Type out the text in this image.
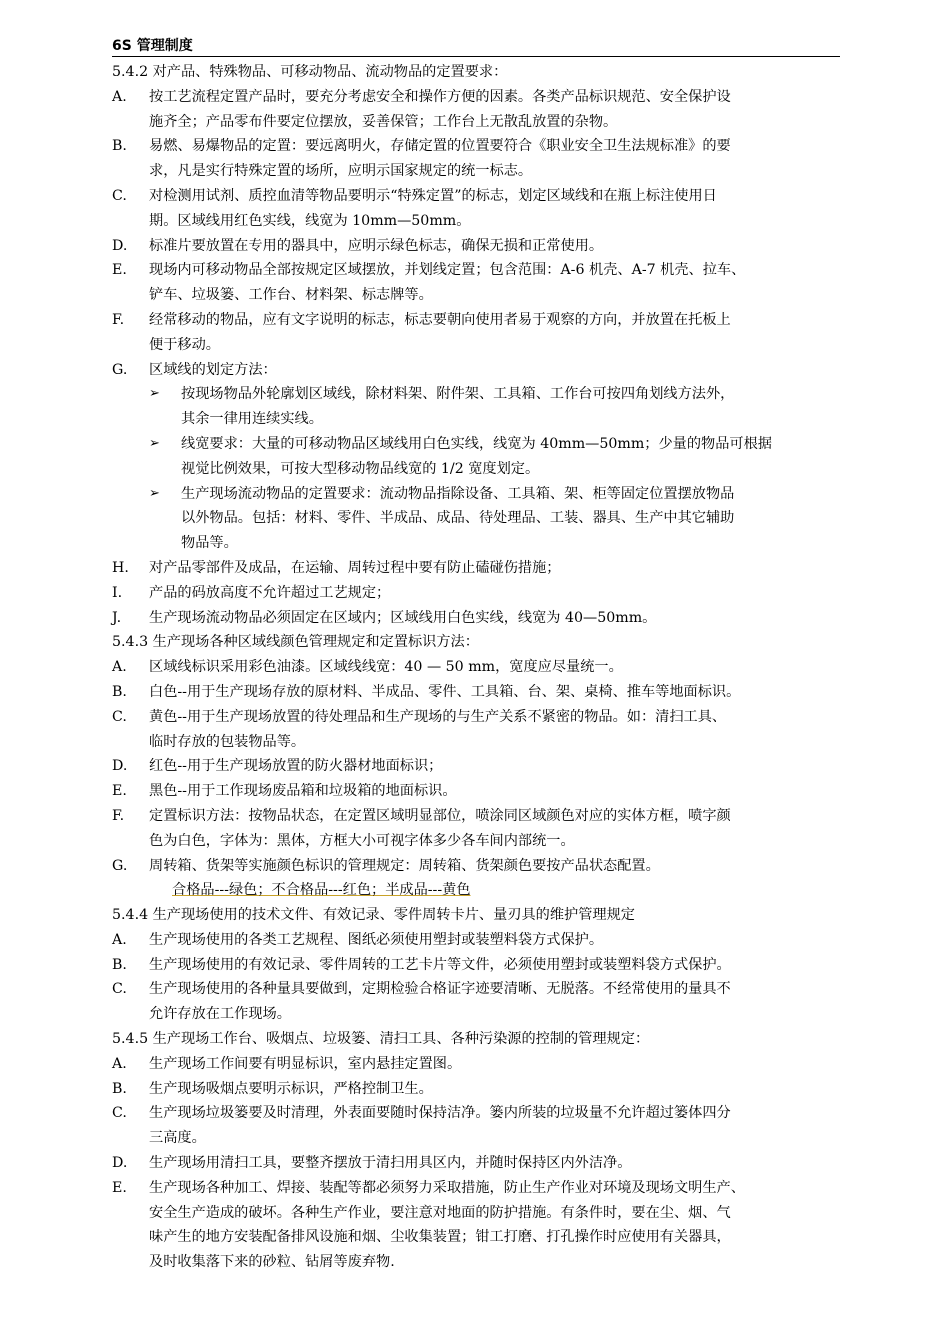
6S 管理制度
5.4.2 对产品、特殊物品、可移动物品、流动物品的定置要求：
A.	按工艺流程定置产品时，要充分考虑安全和操作方便的因素。各类产品标识规范、安全保护设
施齐全；产品零布件要定位摆放，妥善保管；工作台上无散乱放置的杂物。
B.	易燃、易爆物品的定置：要远离明火，存储定置的位置要符合《职业安全卫生法规标准》的要
求，凡是实行特殊定置的场所，应明示国家规定的统一标志。
C.	对检测用试剂、质控血清等物品要明示“特殊定置”的标志，划定区域线和在瓶上标注使用日
期。区域线用红色实线，线宽为 10mm—50mm。
D.	标准片要放置在专用的器具中，应明示绿色标志，确保无损和正常使用。
E.	现场内可移动物品全部按规定区域摆放，并划线定置；包含范围：A-6 机壳、A-7 机壳、拉车、
铲车、垃圾篓、工作台、材料架、标志牌等。
F.	经常移动的物品，应有文字说明的标志，标志要朝向使用者易于观察的方向，并放置在托板上
便于移动。
G.	区域线的划定方法：
➢	按现场物品外轮廓划区域线，除材料架、附件架、工具箱、工作台可按四角划线方法外，
其余一律用连续实线。
➢	线宽要求：大量的可移动物品区域线用白色实线，线宽为 40mm—50mm；少量的物品可根据
视觉比例效果，可按大型移动物品线宽的 1/2 宽度划定。
➢	生产现场流动物品的定置要求：流动物品指除设备、工具箱、架、柜等固定位置摆放物品
以外物品。包括：材料、零件、半成品、成品、待处理品、工装、器具、生产中其它辅助
物品等。
H.	对产品零部件及成品，在运输、周转过程中要有防止磕碰伤措施；
I.	产品的码放高度不允许超过工艺规定；
J.	生产现场流动物品必须固定在区域内；区域线用白色实线，线宽为 40—50mm。
5.4.3 生产现场各种区域线颜色管理规定和定置标识方法：
A.	区域线标识采用彩色油漆。区域线线宽：40 — 50 mm，宽度应尽量统一。
B.	白色--用于生产现场存放的原材料、半成品、零件、工具箱、台、架、桌椅、推车等地面标识。
C.	黄色--用于生产现场放置的待处理品和生产现场的与生产关系不紧密的物品。如：清扫工具、
临时存放的包装物品等。
D.	红色--用于生产现场放置的防火器材地面标识；
E.	黑色--用于工作现场废品箱和垃圾箱的地面标识。
F.	定置标识方法：按物品状态，在定置区域明显部位，喷涂同区域颜色对应的实体方框，喷字颜
色为白色，字体为：黑体，方框大小可视字体多少各车间内部统一。
G.	周转箱、货架等实施颜色标识的管理规定：周转箱、货架颜色要按产品状态配置。
合格品---绿色；不合格品---红色；半成品---黄色
5.4.4 生产现场使用的技术文件、有效记录、零件周转卡片、量刃具的维护管理规定
A.	生产现场使用的各类工艺规程、图纸必须使用塑封或装塑料袋方式保护。
B.	生产现场使用的有效记录、零件周转的工艺卡片等文件，必须使用塑封或装塑料袋方式保护。
C.	生产现场使用的各种量具要做到，定期检验合格证字迹要清晰、无脱落。不经常使用的量具不
允许存放在工作现场。
5.4.5 生产现场工作台、吸烟点、垃圾篓、清扫工具、各种污染源的控制的管理规定：
A.	生产现场工作间要有明显标识，室内悬挂定置图。
B.	生产现场吸烟点要明示标识，严格控制卫生。
C.	生产现场垃圾篓要及时清理，外表面要随时保持洁净。篓内所装的垃圾量不允许超过篓体四分
三高度。
D.	生产现场用清扫工具，要整齐摆放于清扫用具区内，并随时保持区内外洁净。
E.	生产现场各种加工、焊接、装配等都必须努力采取措施，防止生产作业对环境及现场文明生产、
安全生产造成的破坏。各种生产作业，要注意对地面的防护措施。有条件时，要在尘、烟、气
味产生的地方安装配备排风设施和烟、尘收集装置；钳工打磨、打孔操作时应使用有关器具，
及时收集落下来的砂粒、钻屑等废弃物.
